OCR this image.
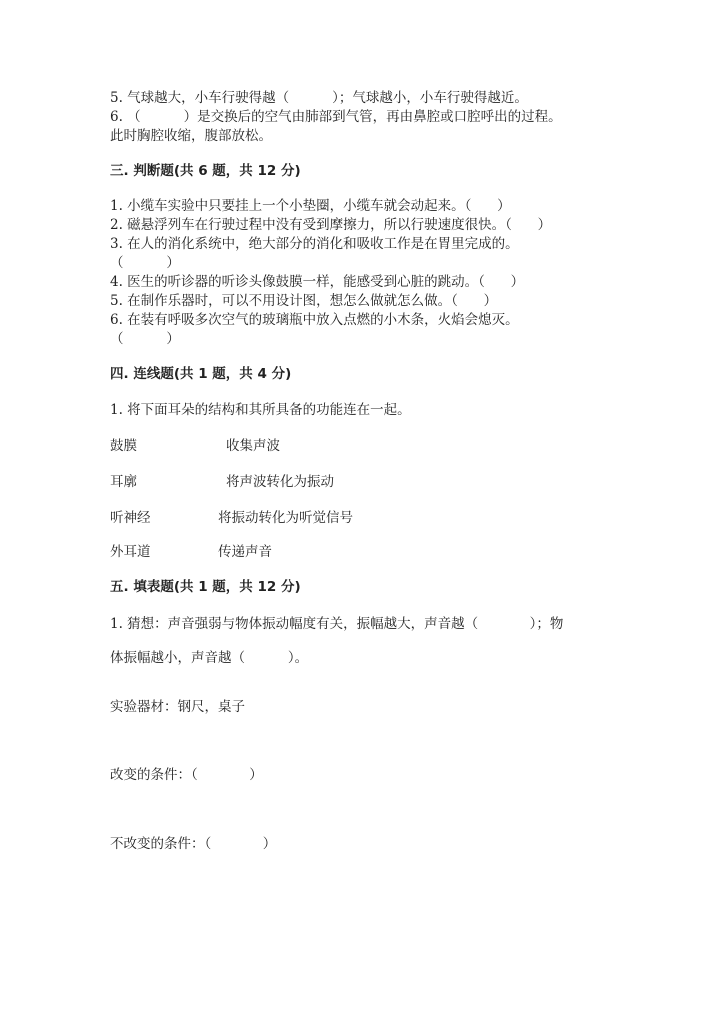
5. 气球越大，小车行驶得越（          ）；气球越小，小车行驶得越近。
6. （          ）是交换后的空气由肺部到气管，再由鼻腔或口腔呼出的过程。
此时胸腔收缩，腹部放松。
三. 判断题(共 6 题，共 12 分)
1. 小缆车实验中只要挂上一个小垫圈，小缆车就会动起来。（      ）
2. 磁悬浮列车在行驶过程中没有受到摩擦力，所以行驶速度很快。（      ）
3. 在人的消化系统中，绝大部分的消化和吸收工作是在胃里完成的。
（          ）
4. 医生的听诊器的听诊头像鼓膜一样，能感受到心脏的跳动。（      ）
5. 在制作乐器时，可以不用设计图，想怎么做就怎么做。（      ）
6. 在装有呼吸多次空气的玻璃瓶中放入点燃的小木条，火焰会熄灭。
（          ）
四. 连线题(共 1 题，共 4 分)
1. 将下面耳朵的结构和其所具备的功能连在一起。
鼓膜	收集声波
耳廓	将声波转化为振动
听神经	将振动转化为听觉信号
外耳道	传递声音
五. 填表题(共 1 题，共 12 分)
1. 猜想：声音强弱与物体振动幅度有关，振幅越大，声音越（            ）；物
体振幅越小，声音越（          ）。
实验器材：钢尺，桌子
改变的条件：（            ）
不改变的条件：（            ）
